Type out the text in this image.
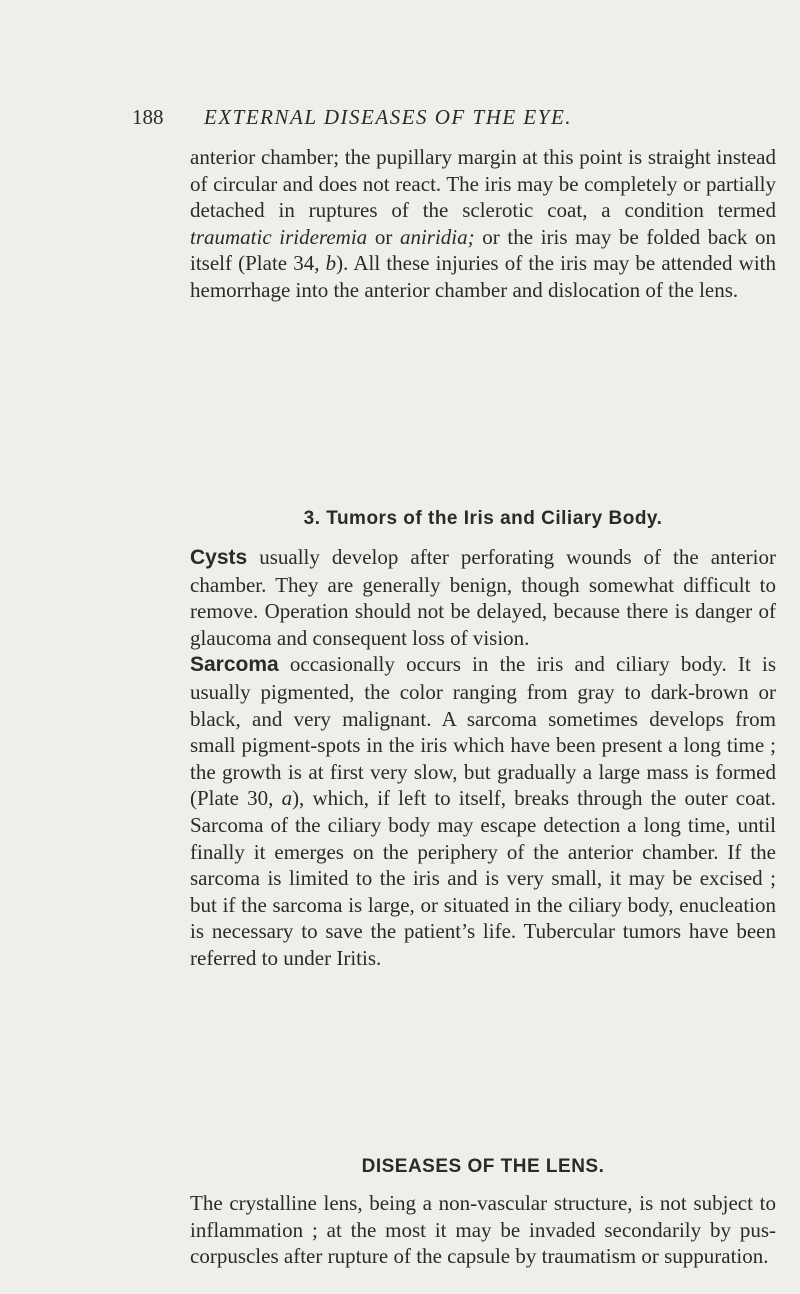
188 EXTERNAL DISEASES OF THE EYE.

anterior chamber; the pupillary margin at this point is straight instead of circular and does not react. The iris may be completely or partially detached in ruptures of the sclerotic coat, a condition termed traumatic irideremia or aniridia; or the iris may be folded back on itself (Plate 34, b). All these injuries of the iris may be attended with hemorrhage into the anterior chamber and dislocation of the lens.

3. Tumors of the Iris and Ciliary Body.

Cysts usually develop after perforating wounds of the anterior chamber. They are generally benign, though somewhat difficult to remove. Operation should not be delayed, because there is danger of glaucoma and consequent loss of vision.

Sarcoma occasionally occurs in the iris and ciliary body. It is usually pigmented, the color ranging from gray to dark-brown or black, and very malignant. A sarcoma sometimes develops from small pigment-spots in the iris which have been present a long time ; the growth is at first very slow, but gradually a large mass is formed (Plate 30, a), which, if left to itself, breaks through the outer coat. Sarcoma of the ciliary body may escape detection a long time, until finally it emerges on the periphery of the anterior chamber. If the sarcoma is limited to the iris and is very small, it may be excised ; but if the sarcoma is large, or situated in the ciliary body, enucleation is necessary to save the patient’s life. Tubercular tumors have been referred to under Iritis.

DISEASES OF THE LENS.

The crystalline lens, being a non-vascular structure, is not subject to inflammation ; at the most it may be invaded secondarily by pus-corpuscles after rupture of the capsule by traumatism or suppuration.
